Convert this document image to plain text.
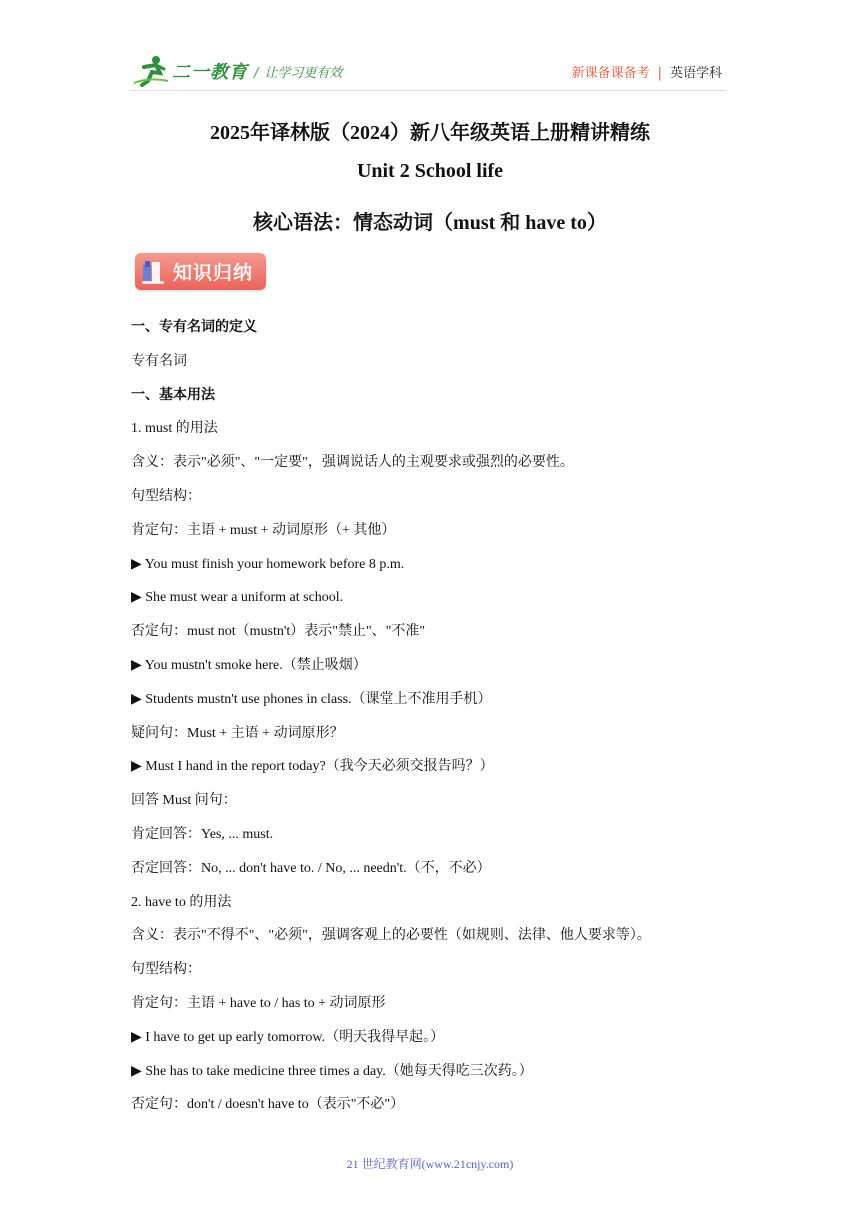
二一教育 / 让学习更有效	新课备课备考 | 英语学科
2025年译林版（2024）新八年级英语上册精讲精练
Unit 2 School life
核心语法：情态动词（must 和 have to）
知识归纳
一、专有名词的定义
专有名词
一、基本用法
1. must 的用法
含义：表示"必须"、"一定要"，强调说话人的主观要求或强烈的必要性。
句型结构：
肯定句：主语 + must + 动词原形（+ 其他）
▶ You must finish your homework before 8 p.m.
▶ She must wear a uniform at school.
否定句：must not（mustn't）表示"禁止"、"不准"
▶ You mustn't smoke here.（禁止吸烟）
▶ Students mustn't use phones in class.（课堂上不准用手机）
疑问句：Must + 主语 + 动词原形？
▶ Must I hand in the report today?（我今天必须交报告吗？）
回答 Must 问句：
肯定回答：Yes, ... must.
否定回答：No, ... don't have to. / No, ... needn't.（不，不必）
2. have to 的用法
含义：表示"不得不"、"必须"，强调客观上的必要性（如规则、法律、他人要求等）。
句型结构：
肯定句：主语 + have to / has to + 动词原形
▶ I have to get up early tomorrow.（明天我得早起。）
▶ She has to take medicine three times a day.（她每天得吃三次药。）
否定句：don't / doesn't have to（表示"不必"）
21 世纪教育网(www.21cnjy.com)
